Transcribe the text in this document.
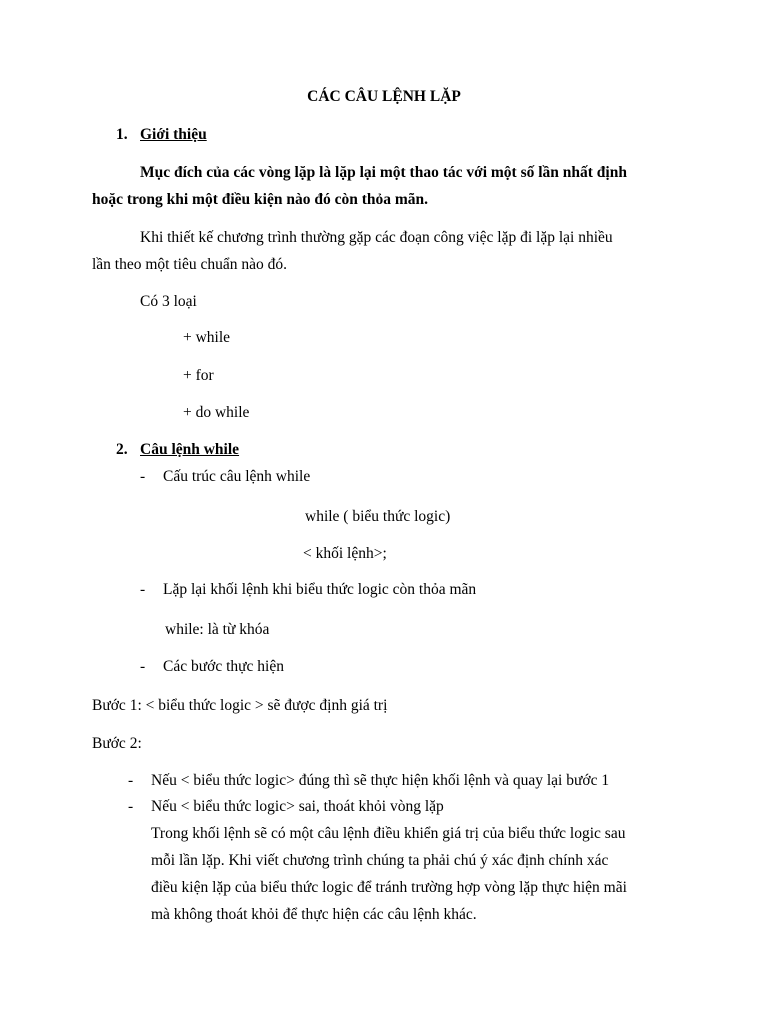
CÁC CÂU LỆNH LẶP
1. Giới thiệu
Mục đích của các vòng lặp là lặp lại một thao tác với một số lần nhất định
hoặc trong khi một điều kiện nào đó còn thỏa mãn.
Khi thiết kế chương trình thường gặp các đoạn công việc lặp đi lặp lại nhiều
lần theo một tiêu chuẩn nào đó.
Có 3 loại
+ while
+ for
+ do while
2. Câu lệnh while
- Cấu trúc câu lệnh while
while ( biểu thức logic)
< khối lệnh>;
- Lặp lại khối lệnh khi biểu thức logic còn thỏa mãn
while: là từ khóa
- Các bước thực hiện
Bước 1: < biểu thức logic > sẽ được định giá trị
Bước 2:
- Nếu < biểu thức logic> đúng thì sẽ thực hiện khối lệnh và quay lại bước 1
- Nếu < biểu thức logic> sai, thoát khỏi vòng lặp
Trong khối lệnh sẽ có một câu lệnh điều khiển giá trị của biểu thức logic sau
mỗi lần lặp. Khi viết chương trình chúng ta phải chú ý xác định chính xác
điều kiện lặp của biểu thức logic để tránh trường hợp vòng lặp thực hiện mãi
mà không thoát khỏi để thực hiện các câu lệnh khác.
